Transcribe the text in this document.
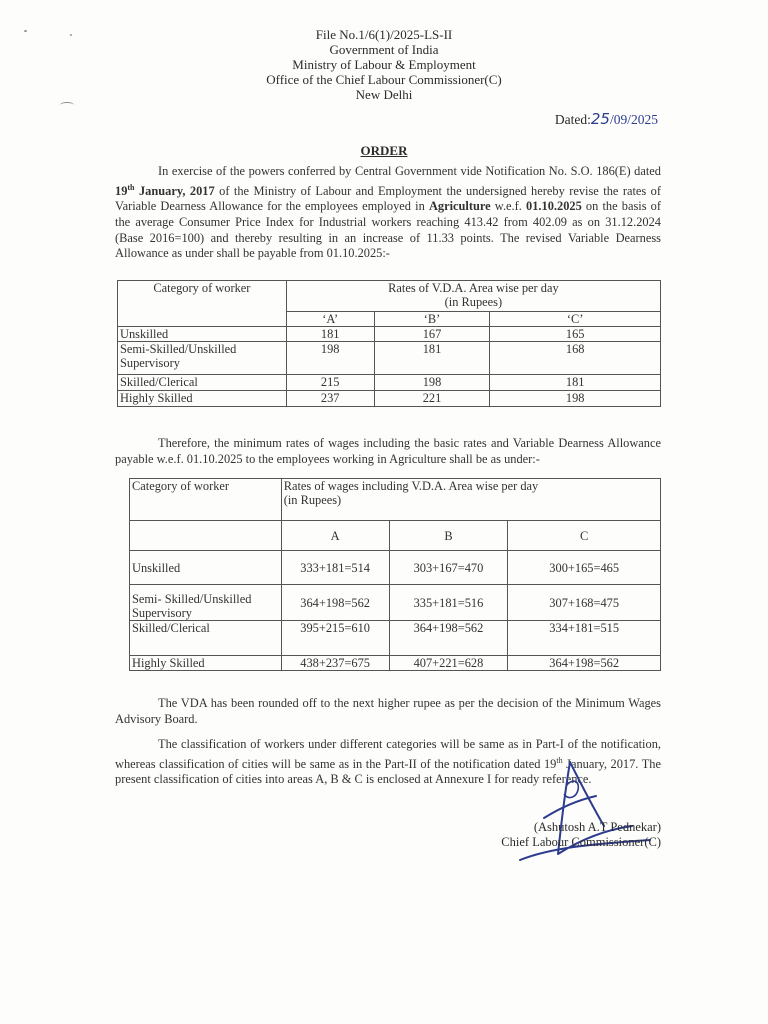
File No.1/6(1)/2025-LS-II
Government of India
Ministry of Labour & Employment
Office of the Chief Labour Commissioner(C)
New Delhi
Dated:25/09/2025
ORDER

In exercise of the powers conferred by Central Government vide Notification No. S.O. 186(E) dated 19th January, 2017 of the Ministry of Labour and Employment the undersigned hereby revise the rates of Variable Dearness Allowance for the employees employed in Agriculture w.e.f. 01.10.2025 on the basis of the average Consumer Price Index for Industrial workers reaching 413.42 from 402.09 as on 31.12.2024 (Base 2016=100) and thereby resulting in an increase of 11.33 points. The revised Variable Dearness Allowance as under shall be payable from 01.10.2025:-

Category of worker	Rates of V.D.A. Area wise per day
(in Rupees)		

	‘A’	‘B’	‘C’
Unskilled	181	167	165
Semi-Skilled/Unskilled Supervisory	198	181	168
Skilled/Clerical	215	198	181
Highly Skilled	237	221	198

Therefore, the minimum rates of wages including the basic rates and Variable Dearness Allowance payable w.e.f. 01.10.2025 to the employees working in Agriculture shall be as under:-

Category of worker	Rates of wages including V.D.A. Area wise per day
(in Rupees)		

	A	B	C
Unskilled	333+181=514	303+167=470	300+165=465
Semi- Skilled/Unskilled Supervisory	364+198=562	335+181=516	307+168=475
Skilled/Clerical	395+215=610	364+198=562	334+181=515
Highly Skilled	438+237=675	407+221=628	364+198=562

The VDA has been rounded off to the next higher rupee as per the decision of the Minimum Wages Advisory Board.

The classification of workers under different categories will be same as in Part-I of the notification, whereas classification of cities will be same as in the Part-II of the notification dated 19th January, 2017. The present classification of cities into areas A, B & C is enclosed at Annexure I for ready reference.

(Ashutosh A.T Pednekar)
Chief Labour Commissioner(C)
